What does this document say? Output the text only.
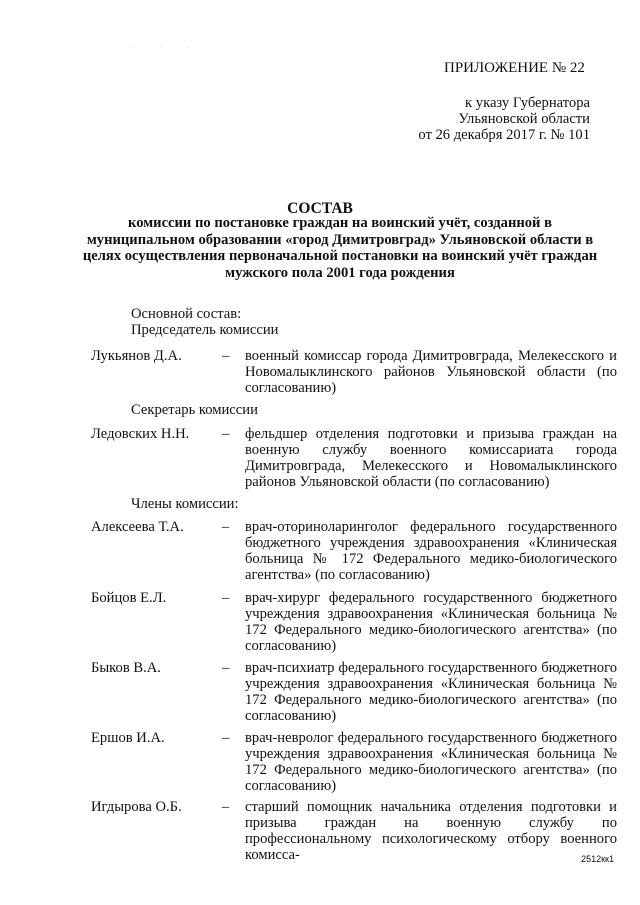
· · ·
ПРИЛОЖЕНИЕ № 22
к указу Губернатора
Ульяновской области
от 26 декабря 2017 г. № 101
СОСТАВ
комиссии по постановке граждан на воинский учёт, созданной в муниципальном образовании «город Димитровград» Ульяновской области в целях осуществления первоначальной постановки на воинский учёт граждан мужского пола 2001 года рождения
Основной состав:
Председатель комиссии
Лукьянов Д.А.	– военный комиссар города Димитровграда, Мелекесского и Новомалыклинского районов Ульяновской области (по согласованию)
Секретарь комиссии
Ледовских Н.Н. – фельдшер отделения подготовки и призыва граждан на военную службу военного комиссариата города Димитровграда, Мелекесского и Новомалыклинского районов Ульяновской области (по согласованию)
Члены комиссии:
Алексеева Т.А.	– врач-оториноларинголог федерального государственного бюджетного учреждения здравоохранения «Клиническая больница № 172 Федерального медико-биологического агентства» (по согласованию)
Бойцов Е.Л.	– врач-хирург федерального государственного бюджетного учреждения здравоохранения «Клиническая больница № 172 Федерального медико-биологического агентства» (по согласованию)
Быков В.А.	– врач-психиатр федерального государственного бюджетного учреждения здравоохранения «Клиническая больница № 172 Федерального медико-биологического агентства» (по согласованию)
Ершов И.А.	– врач-невролог федерального государственного бюджетного учреждения здравоохранения «Клиническая больница № 172 Федерального медико-биологического агентства» (по согласованию)
Игдырова О.Б.	– старший помощник начальника отделения подготовки и призыва граждан на военную службу по профессиональному психологическому отбору военного комисса-	2512кк1
